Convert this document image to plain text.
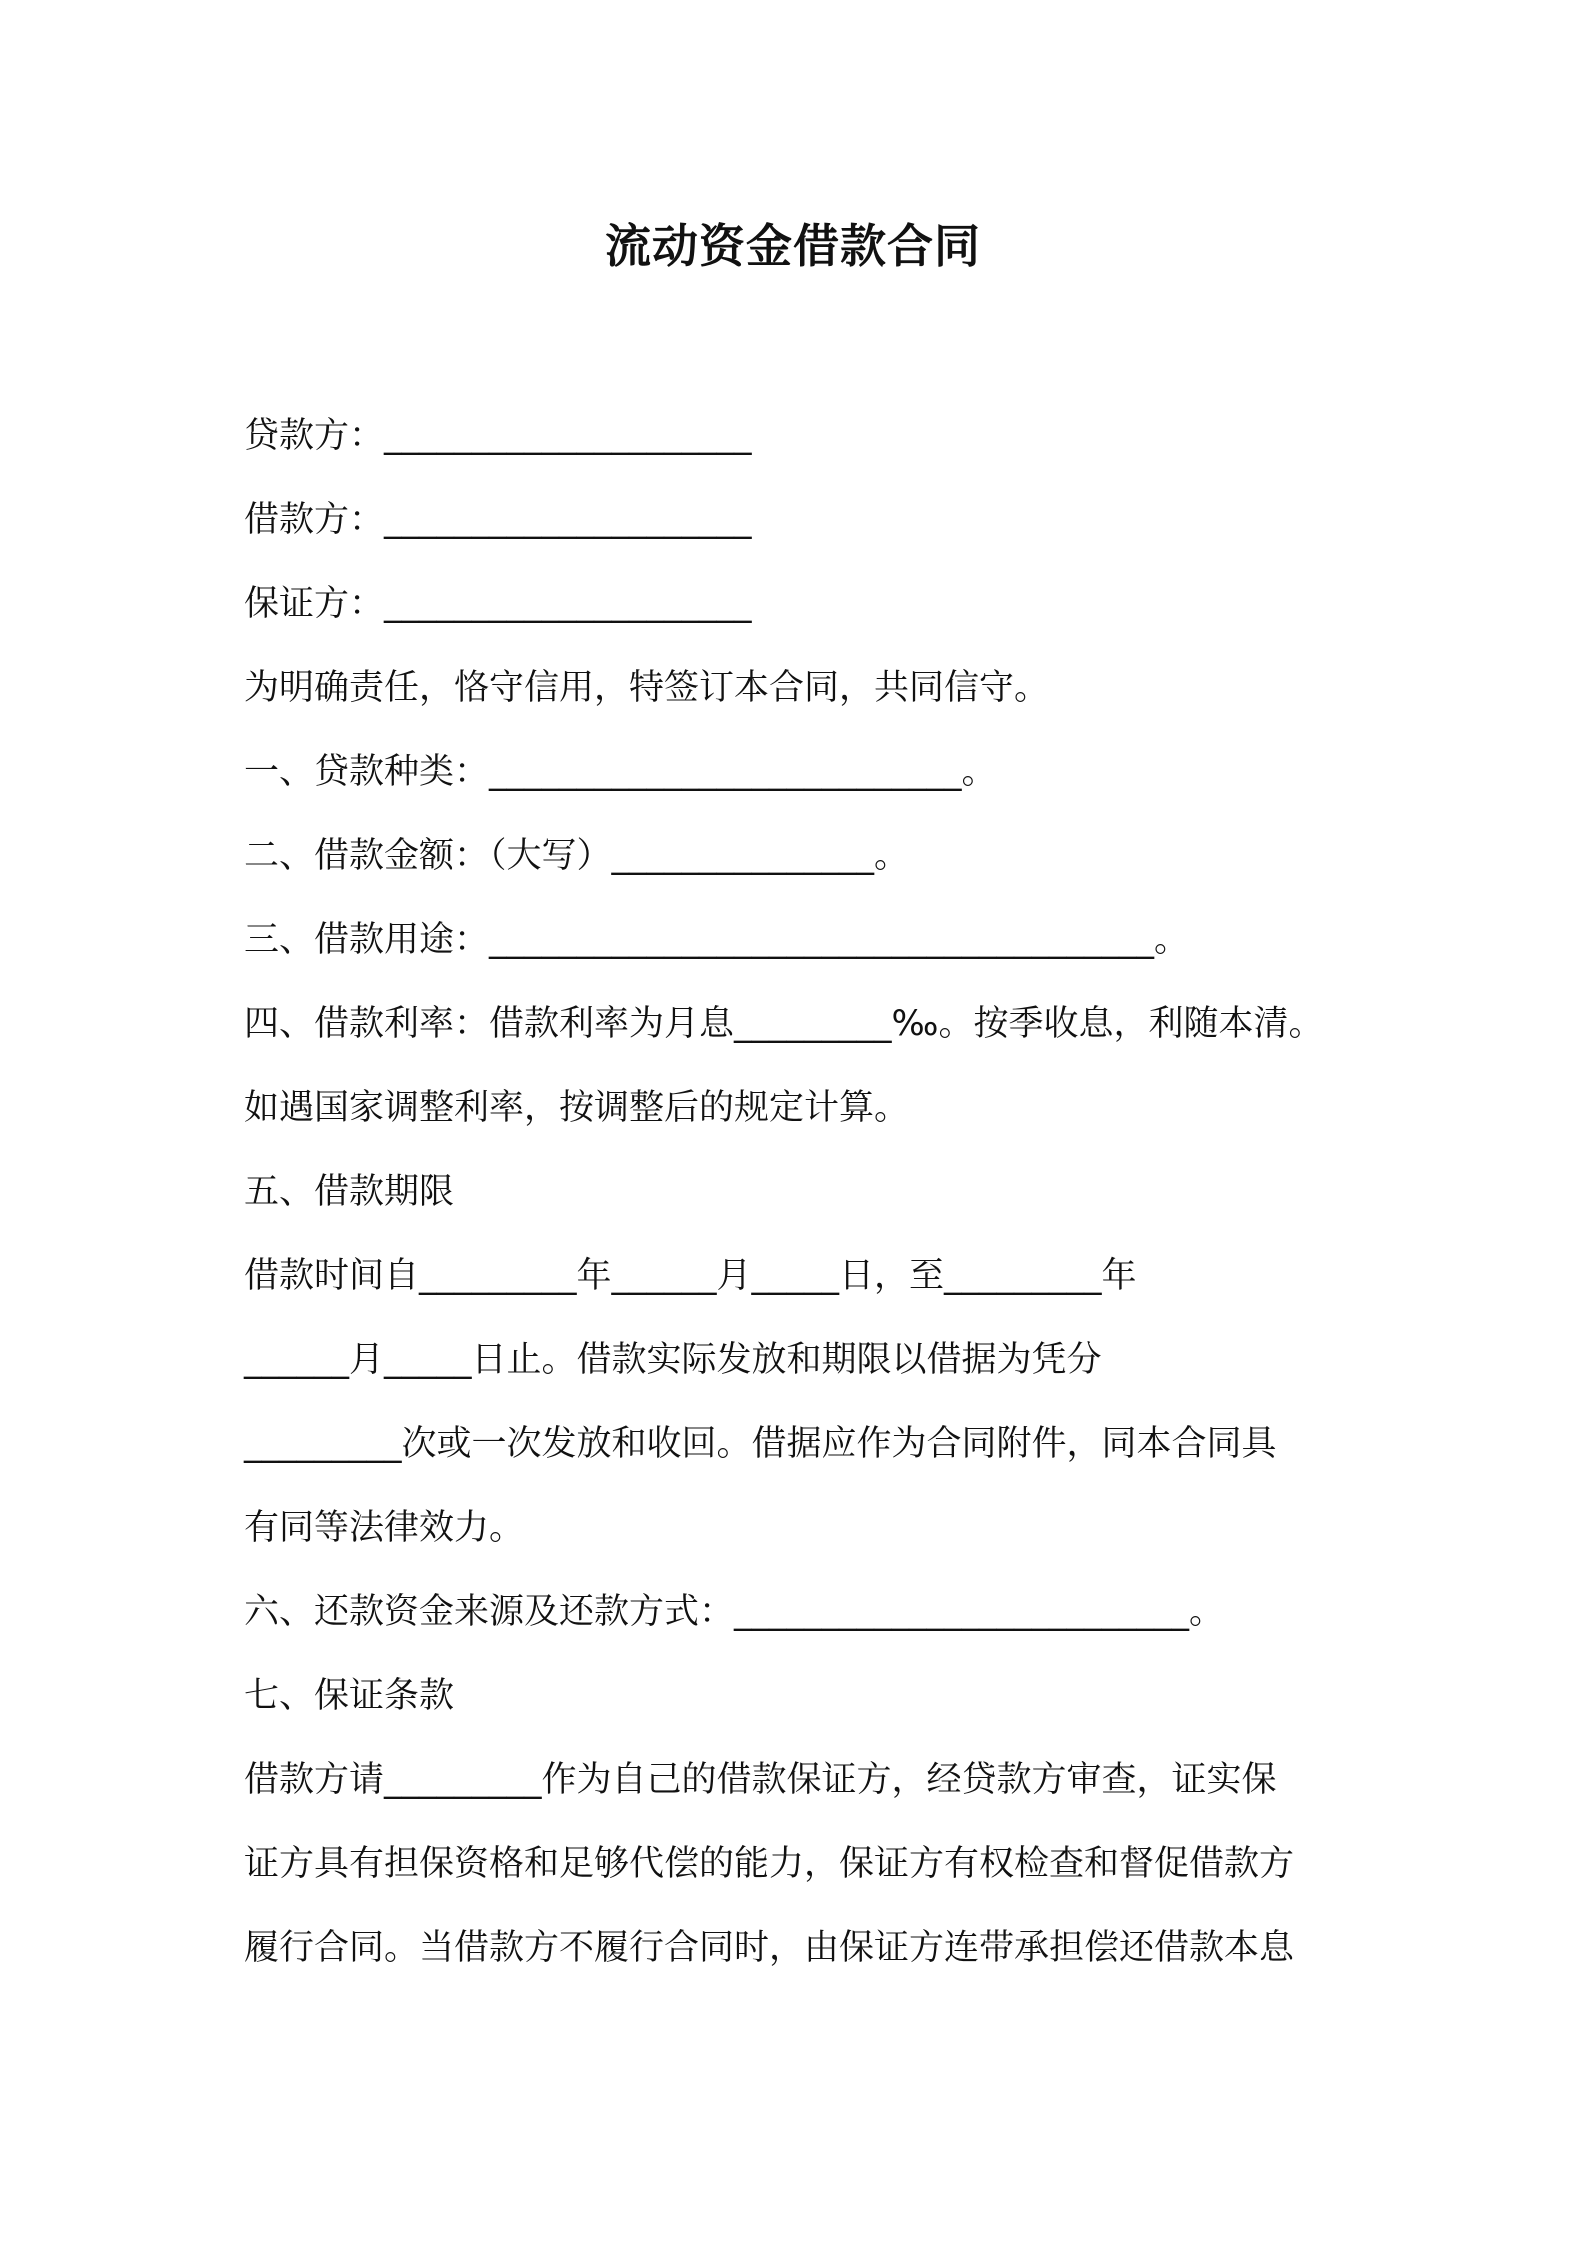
流动资金借款合同
贷款方：_____________________
借款方：_____________________
保证方：_____________________
为明确责任，恪守信用，特签订本合同，共同信守。
一、贷款种类：___________________________。
二、借款金额：（大写）_______________。
三、借款用途：______________________________________。
四、借款利率：借款利率为月息_________‰。按季收息，利随本清。
如遇国家调整利率，按调整后的规定计算。
五、借款期限
借款时间自_________年______月_____日，至_________年
______月_____日止。借款实际发放和期限以借据为凭分
_________次或一次发放和收回。借据应作为合同附件，同本合同具
有同等法律效力。
六、还款资金来源及还款方式：__________________________。
七、保证条款
借款方请_________作为自己的借款保证方，经贷款方审查，证实保
证方具有担保资格和足够代偿的能力，保证方有权检查和督促借款方
履行合同。当借款方不履行合同时，由保证方连带承担偿还借款本息
